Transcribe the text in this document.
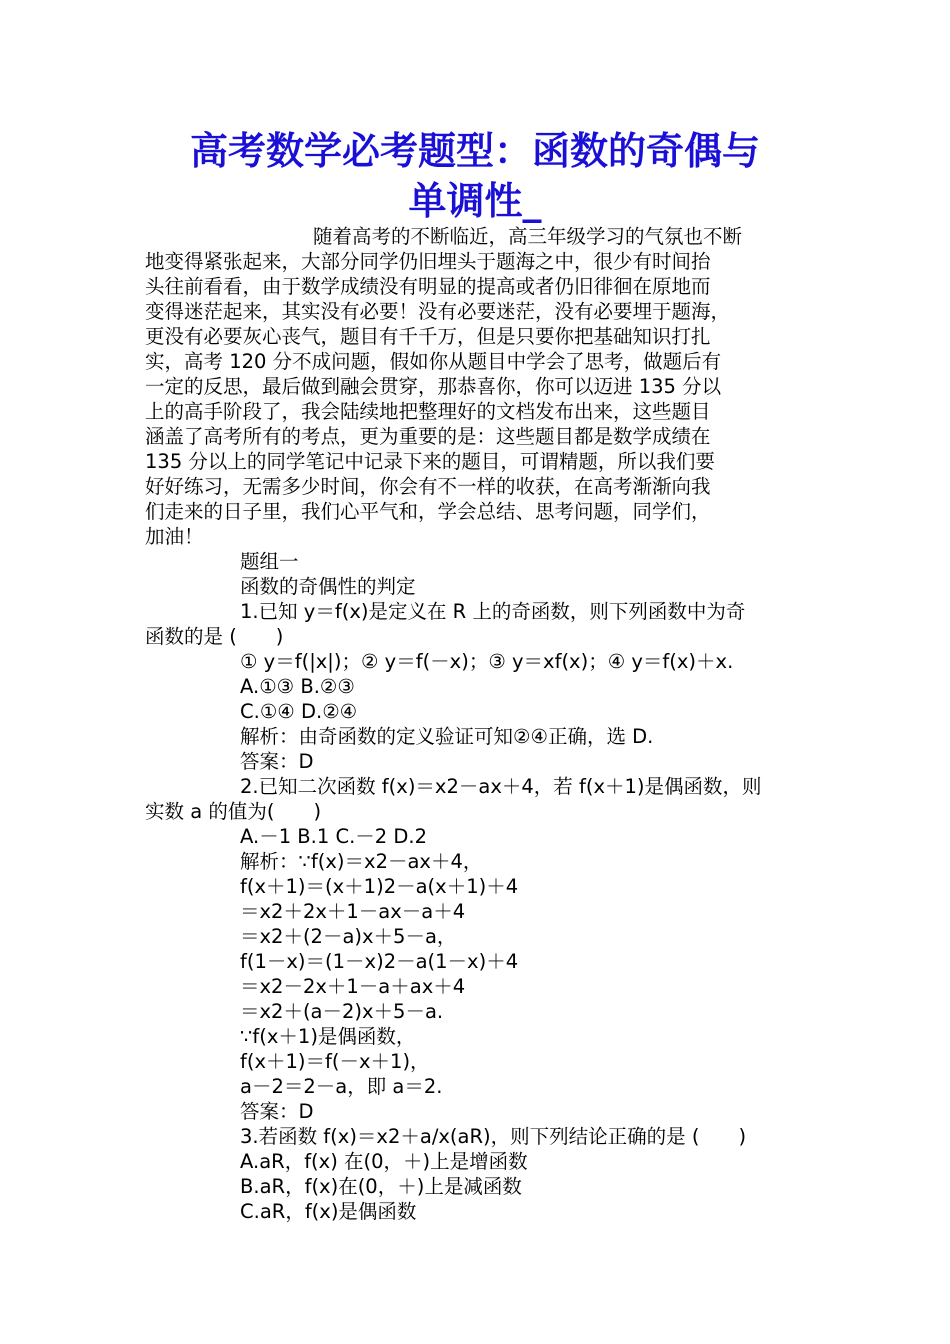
高考数学必考题型：函数的奇偶与
单调性_
随着高考的不断临近，高三年级学习的气氛也不断
地变得紧张起来，大部分同学仍旧埋头于题海之中，很少有时间抬
头往前看看，由于数学成绩没有明显的提高或者仍旧徘徊在原地而
变得迷茫起来，其实没有必要！没有必要迷茫，没有必要埋于题海，
更没有必要灰心丧气，题目有千千万，但是只要你把基础知识打扎
实，高考 120 分不成问题，假如你从题目中学会了思考，做题后有
一定的反思，最后做到融会贯穿，那恭喜你，你可以迈进 135 分以
上的高手阶段了，我会陆续地把整理好的文档发布出来，这些题目
涵盖了高考所有的考点，更为重要的是：这些题目都是数学成绩在
135 分以上的同学笔记中记录下来的题目，可谓精题，所以我们要
好好练习，无需多少时间，你会有不一样的收获，在高考渐渐向我
们走来的日子里，我们心平气和，学会总结、思考问题，同学们，
加油！
题组一
函数的奇偶性的判定
1.已知 y＝f(x)是定义在 R 上的奇函数，则下列函数中为奇
函数的是 (　　)
① y＝f(|x|)；② y＝f(－x)；③ y＝xf(x)；④ y＝f(x)＋x.
A.①③ B.②③
C.①④ D.②④
解析：由奇函数的定义验证可知②④正确，选 D.
答案：D
2.已知二次函数 f(x)＝x2－ax＋4，若 f(x＋1)是偶函数，则
实数 a 的值为(　　)
A.－1 B.1 C.－2 D.2
解析：∵f(x)＝x2－ax＋4，
f(x＋1)＝(x＋1)2－a(x＋1)＋4
＝x2＋2x＋1－ax－a＋4
＝x2＋(2－a)x＋5－a，
f(1－x)＝(1－x)2－a(1－x)＋4
＝x2－2x＋1－a＋ax＋4
＝x2＋(a－2)x＋5－a.
∵f(x＋1)是偶函数，
f(x＋1)＝f(－x＋1)，
a－2＝2－a，即 a＝2.
答案：D
3.若函数 f(x)＝x2＋a/x(aR)，则下列结论正确的是 (　　)
A.aR，f(x) 在(0，＋)上是增函数
B.aR，f(x)在(0，＋)上是减函数
C.aR，f(x)是偶函数
